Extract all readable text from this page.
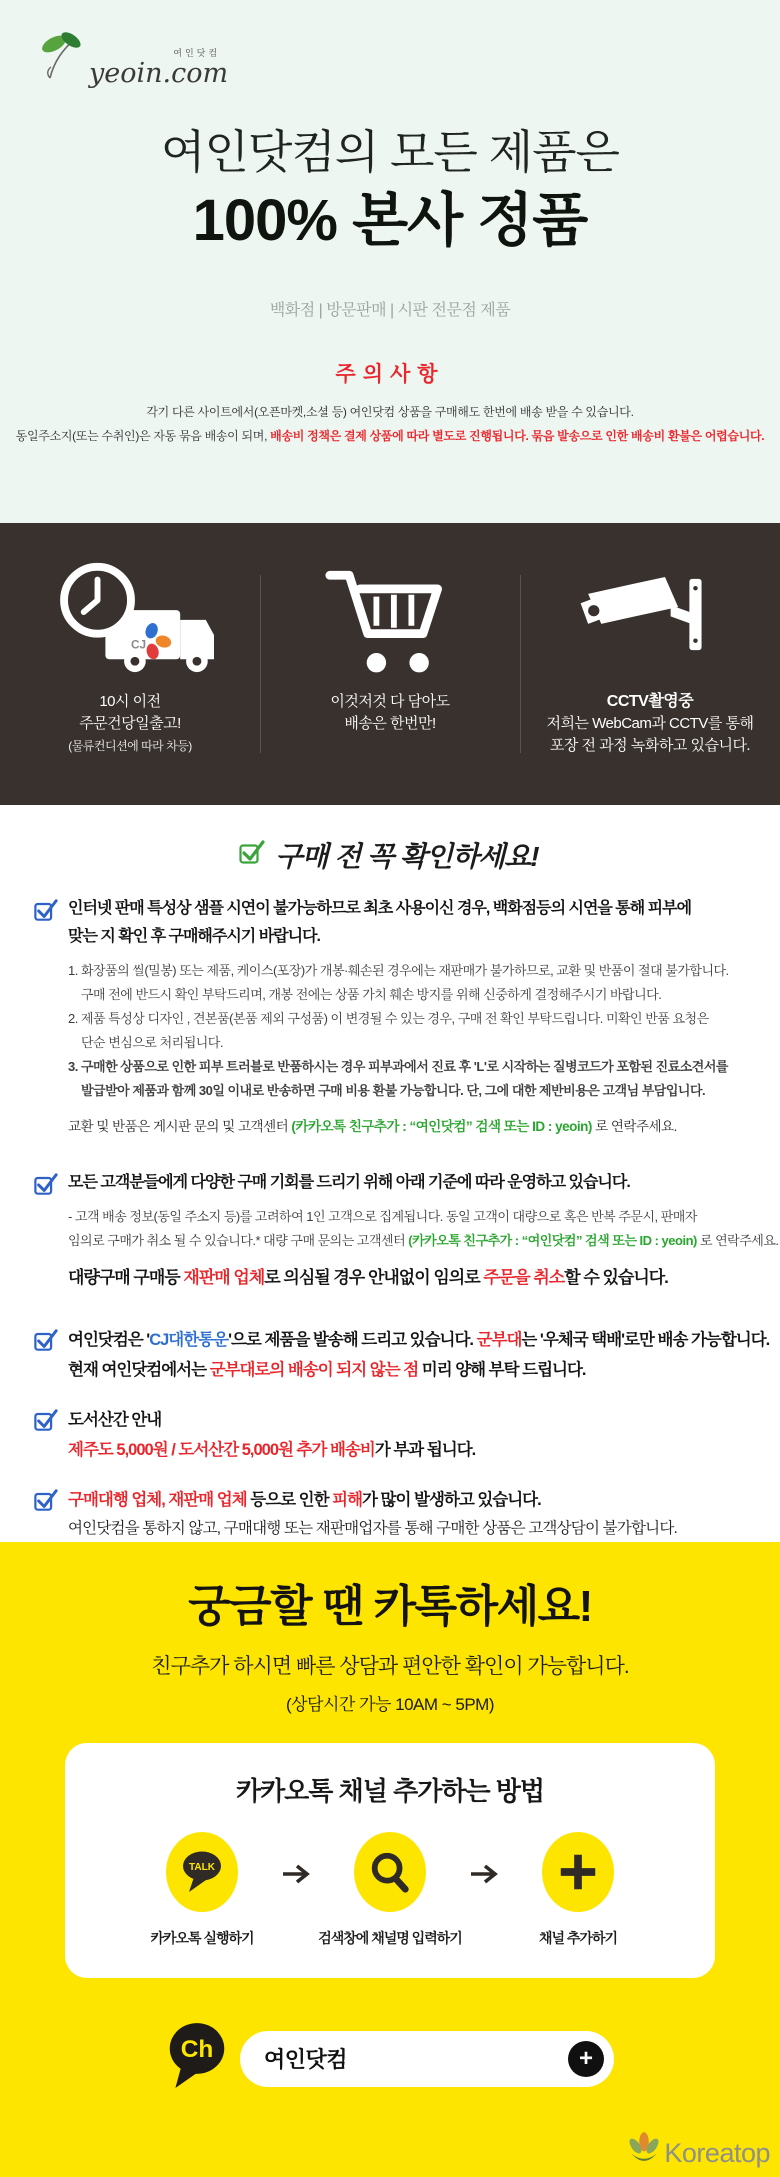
여인닷컴
yeoin.com
여인닷컴의 모든 제품은
100% 본사 정품
백화점 | 방문판매 | 시판 전문점 제품
주의사항

각기 다른 사이트에서(오픈마켓,소셜 등) 여인닷컴 상품을 구매해도 한번에 배송 받을 수 있습니다.

동일주소지(또는 수취인)은 자동 묶음 배송이 되며, 배송비 정책은 결제 상품에 따라 별도로 진행됩니다. 묶음 발송으로 인한 배송비 환불은 어렵습니다.

CJ

10시 이전

주문건당일출고!

(물류컨디션에 따라 차등)

이것저것 다 담아도

배송은 한번만!

CCTV촬영중

저희는 WebCam과 CCTV를 통해

포장 전 과정 녹화하고 있습니다.

구매 전 꼭 확인하세요!

인터넷 판매 특성상 샘플 시연이 불가능하므로 최초 사용이신 경우, 백화점등의 시연을 통해 피부에

맞는 지 확인 후 구매해주시기 바랍니다.

1. 화장품의 씰(밀봉) 또는 제품, 케이스(포장)가 개봉·훼손된 경우에는 재판매가 불가하므로, 교환 및 반품이 절대 불가합니다.

구매 전에 반드시 확인 부탁드리며, 개봉 전에는 상품 가치 훼손 방지를 위해 신중하게 결정해주시기 바랍니다.

2. 제품 특성상 디자인 , 견본품(본품 제외 구성품) 이 변경될 수 있는 경우, 구매 전 확인 부탁드립니다. 미확인 반품 요청은

단순 변심으로 처리됩니다.

3. 구매한 상품으로 인한 피부 트러블로 반품하시는 경우 피부과에서 진료 후 'L'로 시작하는 질병코드가 포함된 진료소견서를

발급받아 제품과 함께 30일 이내로 반송하면 구매 비용 환불 가능합니다. 단, 그에 대한 제반비용은 고객님 부담입니다.

교환 및 반품은 게시판 문의 및 고객센터 (카카오톡 친구추가 : “여인닷컴” 검색 또는 ID : yeoin) 로 연락주세요.

모든 고객분들에게 다양한 구매 기회를 드리기 위해 아래 기준에 따라 운영하고 있습니다.

- 고객 배송 정보(동일 주소지 등)를 고려하여 1인 고객으로 집계됩니다. 동일 고객이 대량으로 혹은 반복 주문시, 판매자

임의로 구매가 취소 될 수 있습니다.* 대량 구매 문의는 고객센터 (카카오톡 친구추가 : “여인닷컴” 검색 또는 ID : yeoin) 로 연락주세요.

대량구매 구매등 재판매 업체로 의심될 경우 안내없이 임의로 주문을 취소할 수 있습니다.

여인닷컴은 'CJ대한통운'으로 제품을 발송해 드리고 있습니다. 군부대는 '우체국 택배'로만 배송 가능합니다.

현재 여인닷컴에서는 군부대로의 배송이 되지 않는 점 미리 양해 부탁 드립니다.

도서산간 안내

제주도 5,000원 / 도서산간 5,000원 추가 배송비가 부과 됩니다.

구매대행 업체, 재판매 업체 등으로 인한 피해가 많이 발생하고 있습니다.

여인닷컴을 통하지 않고, 구매대행 또는 재판매업자를 통해 구매한 상품은 고객상담이 불가합니다.

궁금할 땐 카톡하세요!

친구추가 하시면 빠른 상담과 편안한 확인이 가능합니다.

(상담시간 가능 10AM ~ 5PM)

카카오톡 채널 추가하는 방법

TALK
카카오톡 실행하기	검색창에 채널명 입력하기	채널 추가하기
Ch 여인닷컴	+
Koreatop
